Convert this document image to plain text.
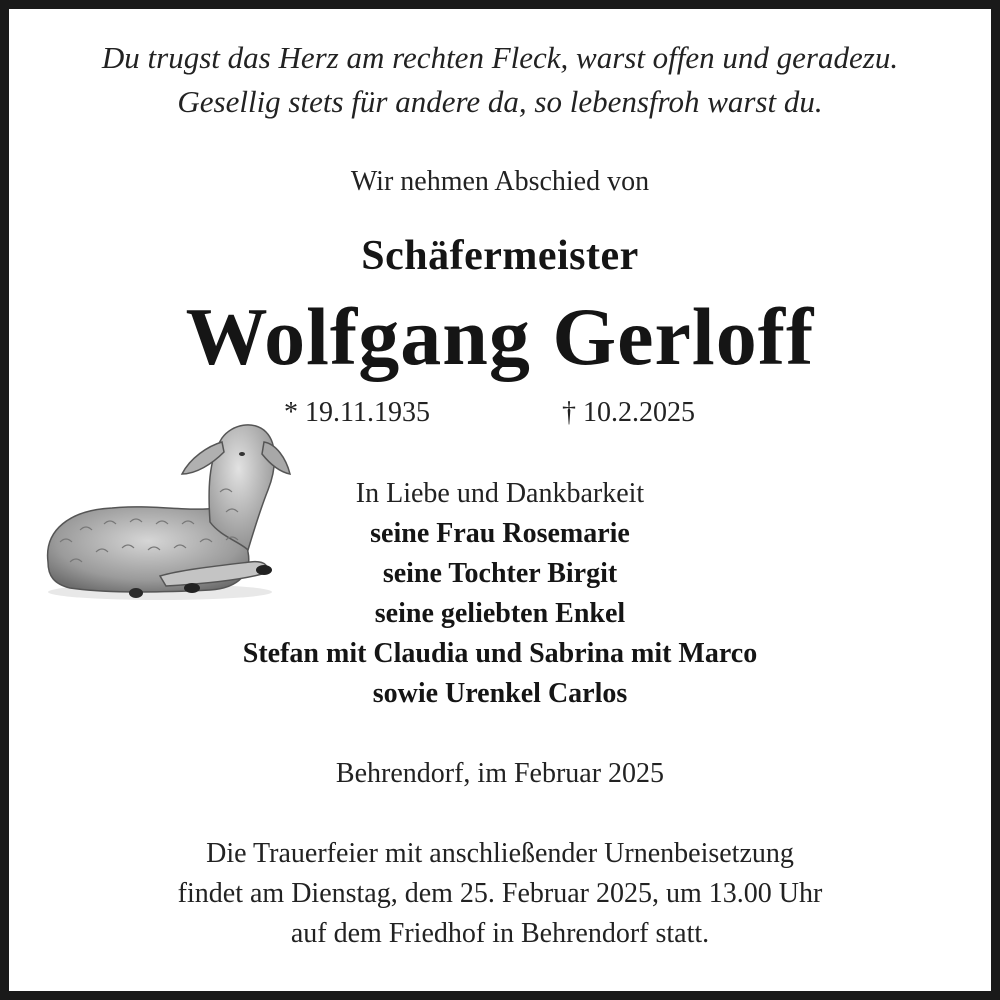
Du trugst das Herz am rechten Fleck, warst offen und geradezu.
Gesellig stets für andere da, so lebensfroh warst du.
Wir nehmen Abschied von
Schäfermeister
Wolfgang Gerloff
* 19.11.1935	† 10.2.2025
In Liebe und Dankbarkeit
seine Frau Rosemarie
seine Tochter Birgit
seine geliebten Enkel
Stefan mit Claudia und Sabrina mit Marco
sowie Urenkel Carlos
Behrendorf, im Februar 2025
Die Trauerfeier mit anschließender Urnenbeisetzung
findet am Dienstag, dem 25. Februar 2025, um 13.00 Uhr
auf dem Friedhof in Behrendorf statt.
